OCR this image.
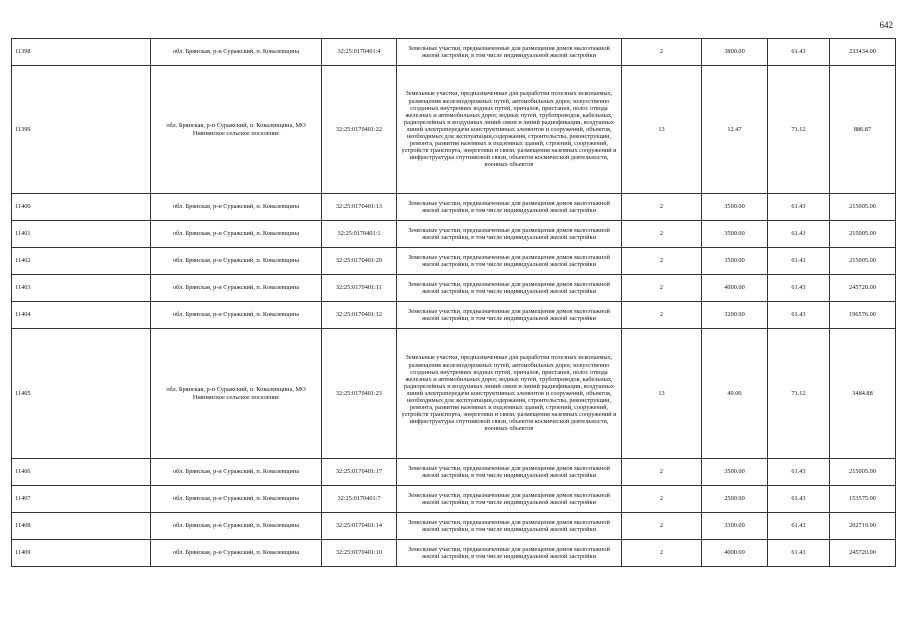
642
11398	обл. Брянская, р-н Суражский, п. Ковалевщина	32:25:0170401:4	Земельные участки, предназначенные для размещения домов малоэтажной жилой застройки, в том числе индивидуальной жилой застройки	2	3800.00	61.43	233434.00
11399	обл. Брянская, р-н Суражский, п. Ковалевщина, МО Нивнянское сельское поселение	32:25:0170401:22	Земельные участки, предназначенные для разработки полезных ископаемых, размещения железнодорожных путей, автомобильных дорог, искусственно созданных внутренних водных путей, причалов, пристаней, полос отвода железных и автомобильных дорог, водных путей, трубопроводов, кабельных, радиорелейных и воздушных линий связи и линий радиофикации, воздушных линий электропередачи конструктивных элементов и сооружений, объектов, необходимых для эксплуатации,содержания, строительства, реконструкции, ремонта, развития наземных и подземных зданий, строений, сооружений, устройств транспорта, энергетики и связи; размещения наземных сооружений и инфраструктуры спутниковой связи, объектов космической деятельности, военных объектов	13	12.47	71.12	886.87
11400	обл. Брянская, р-н Суражский, п. Ковалевщина	32:25:0170401:13	Земельные участки, предназначенные для размещения домов малоэтажной жилой застройки, в том числе индивидуальной жилой застройки	2	3500.00	61.43	215005.00
11401	обл. Брянская, р-н Суражский, п. Ковалевщина	32:25:0170401:1	Земельные участки, предназначенные для размещения домов малоэтажной жилой застройки, в том числе индивидуальной жилой застройки	2	3500.00	61.43	215005.00
11402	обл. Брянская, р-н Суражский, п. Ковалевщина	32:25:0170401:20	Земельные участки, предназначенные для размещения домов малоэтажной жилой застройки, в том числе индивидуальной жилой застройки	2	3500.00	61.43	215005.00
11403	обл. Брянская, р-н Суражский, п. Ковалевщина	32:25:0170401:11	Земельные участки, предназначенные для размещения домов малоэтажной жилой застройки, в том числе индивидуальной жилой застройки	2	4000.00	61.43	245720.00
11404	обл. Брянская, р-н Суражский, п. Ковалевщина	32:25:0170401:12	Земельные участки, предназначенные для размещения домов малоэтажной жилой застройки, в том числе индивидуальной жилой застройки	2	3200.00	61.43	196576.00
11405	обл. Брянская, р-н Суражский, п. Ковалевщина, МО Нивнянское сельское поселение	32:25:0170401:23	Земельные участки, предназначенные для разработки полезных ископаемых, размещения железнодорожных путей, автомобильных дорог, искусственно созданных внутренних водных путей, причалов, пристаней, полос отвода железных и автомобильных дорог, водных путей, трубопроводов, кабельных, радиорелейных и воздушных линий связи и линий радиофикации, воздушных линий электропередачи конструктивных элементов и сооружений, объектов, необходимых для эксплуатации,содержания, строительства, реконструкции, ремонта, развития наземных и подземных зданий, строений, сооружений, устройств транспорта, энергетики и связи; размещения наземных сооружений и инфраструктуры спутниковой связи, объектов космической деятельности, военных объектов	13	49.00	71.12	3484.88
11406	обл. Брянская, р-н Суражский, п. Ковалевщина	32:25:0170401:17	Земельные участки, предназначенные для размещения домов малоэтажной жилой застройки, в том числе индивидуальной жилой застройки	2	3500.00	61.43	215005.00
11407	обл. Брянская, р-н Суражский, п. Ковалевщина	32:25:0170401:7	Земельные участки, предназначенные для размещения домов малоэтажной жилой застройки, в том числе индивидуальной жилой застройки	2	2500.00	61.43	153575.00
11408	обл. Брянская, р-н Суражский, п. Ковалевщина	32:25:0170401:14	Земельные участки, предназначенные для размещения домов малоэтажной жилой застройки, в том числе индивидуальной жилой застройки	2	3300.00	61.43	202719.00
11409	обл. Брянская, р-н Суражский, п. Ковалевщина	32:25:0170401:10	Земельные участки, предназначенные для размещения домов малоэтажной жилой застройки, в том числе индивидуальной жилой застройки	2	4000.00	61.43	245720.00
